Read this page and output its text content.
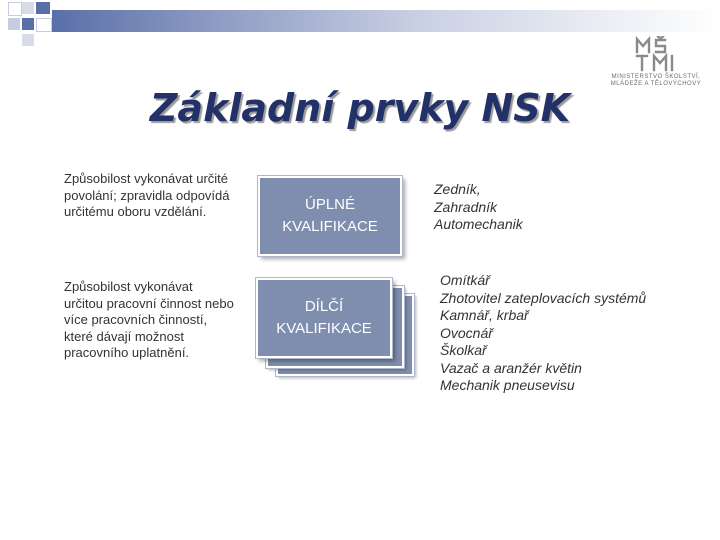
MINISTERSTVO ŠKOLSTVÍ,
MLÁDEŽE A TĚLOVÝCHOVY
Základní prvky NSK
Způsobilost vykonávat určité povolání; zpravidla odpovídá určitému oboru vzdělání.	ÚPLNÉ
KVALIFIKACE
Zedník,
Zahradník
Automechanik
Způsobilost vykonávat určitou pracovní činnost nebo více pracovních činností, které dávají možnost pracovního uplatnění.
DÍLČÍ
KVALIFIKACE
Omítkář
Zhotovitel zateplovacích systémů
Kamnář, krbař
Ovocnář
Školkař
Vazač a aranžér květin
Mechanik pneusevisu
